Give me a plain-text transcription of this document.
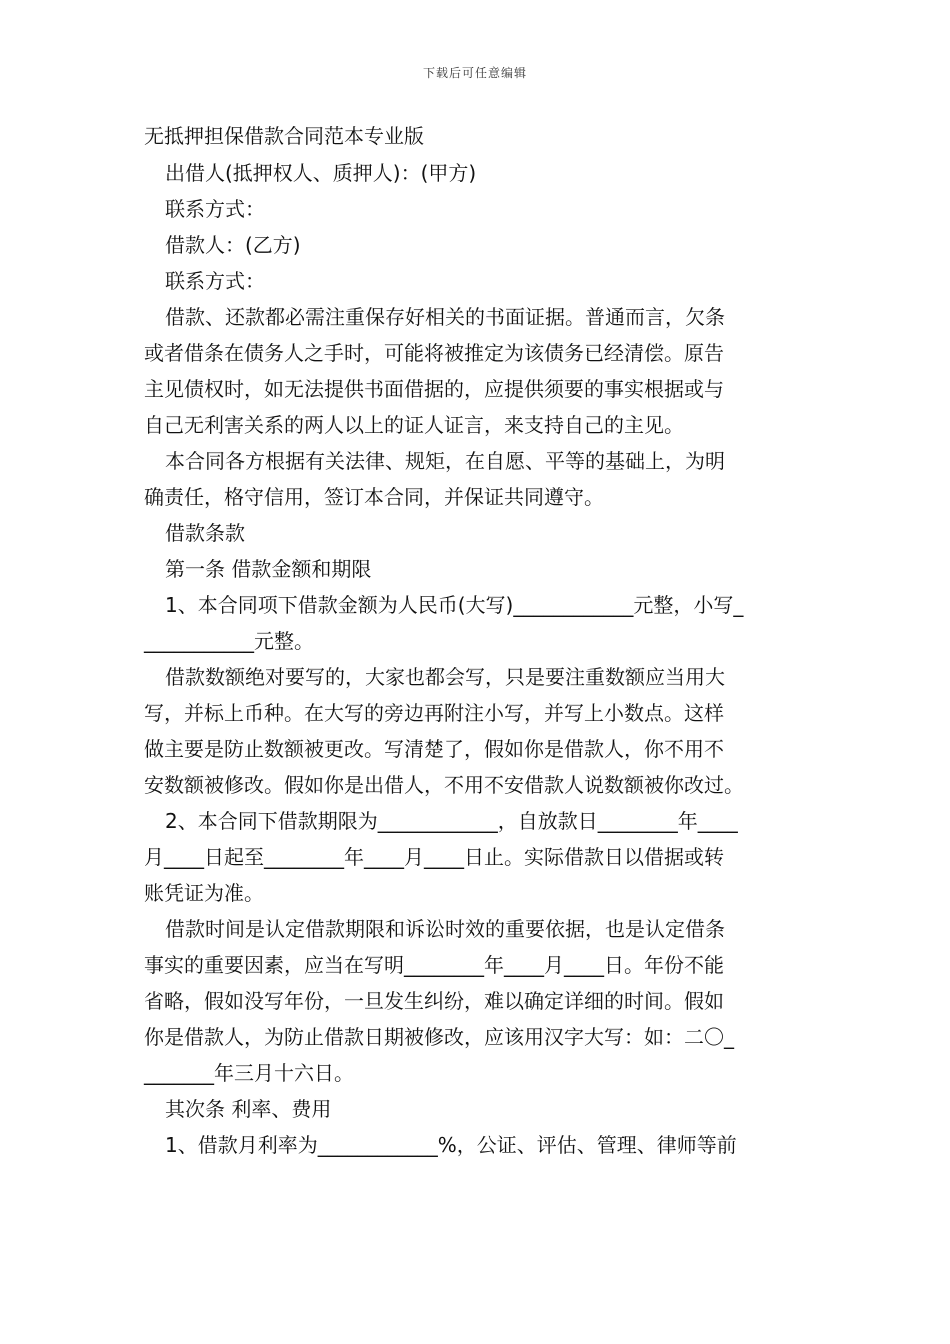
下载后可任意编辑
无抵押担保借款合同范本专业版
出借人(抵押权人、质押人)：(甲方)
联系方式：
借款人：(乙方)
联系方式：
借款、还款都必需注重保存好相关的书面证据。普通而言，欠条
或者借条在债务人之手时，可能将被推定为该债务已经清偿。原告
主见债权时，如无法提供书面借据的，应提供须要的事实根据或与
自己无利害关系的两人以上的证人证言，来支持自己的主见。
本合同各方根据有关法律、规矩，在自愿、平等的基础上，为明
确责任，格守信用，签订本合同，并保证共同遵守。
借款条款
第一条 借款金额和期限
1、本合同项下借款金额为人民币(大写)____________元整，小写_
___________元整。
借款数额绝对要写的，大家也都会写，只是要注重数额应当用大
写，并标上币种。在大写的旁边再附注小写，并写上小数点。这样
做主要是防止数额被更改。写清楚了，假如你是借款人，你不用不
安数额被修改。假如你是出借人，不用不安借款人说数额被你改过。
2、本合同下借款期限为____________，自放款日________年____
月____日起至________年____月____日止。实际借款日以借据或转
账凭证为准。
借款时间是认定借款期限和诉讼时效的重要依据，也是认定借条
事实的重要因素，应当在写明________年____月____日。年份不能
省略，假如没写年份，一旦发生纠纷，难以确定详细的时间。假如
你是借款人，为防止借款日期被修改，应该用汉字大写：如：二〇_
_______年三月十六日。
其次条 利率、费用
1、借款月利率为____________%，公证、评估、管理、律师等前
